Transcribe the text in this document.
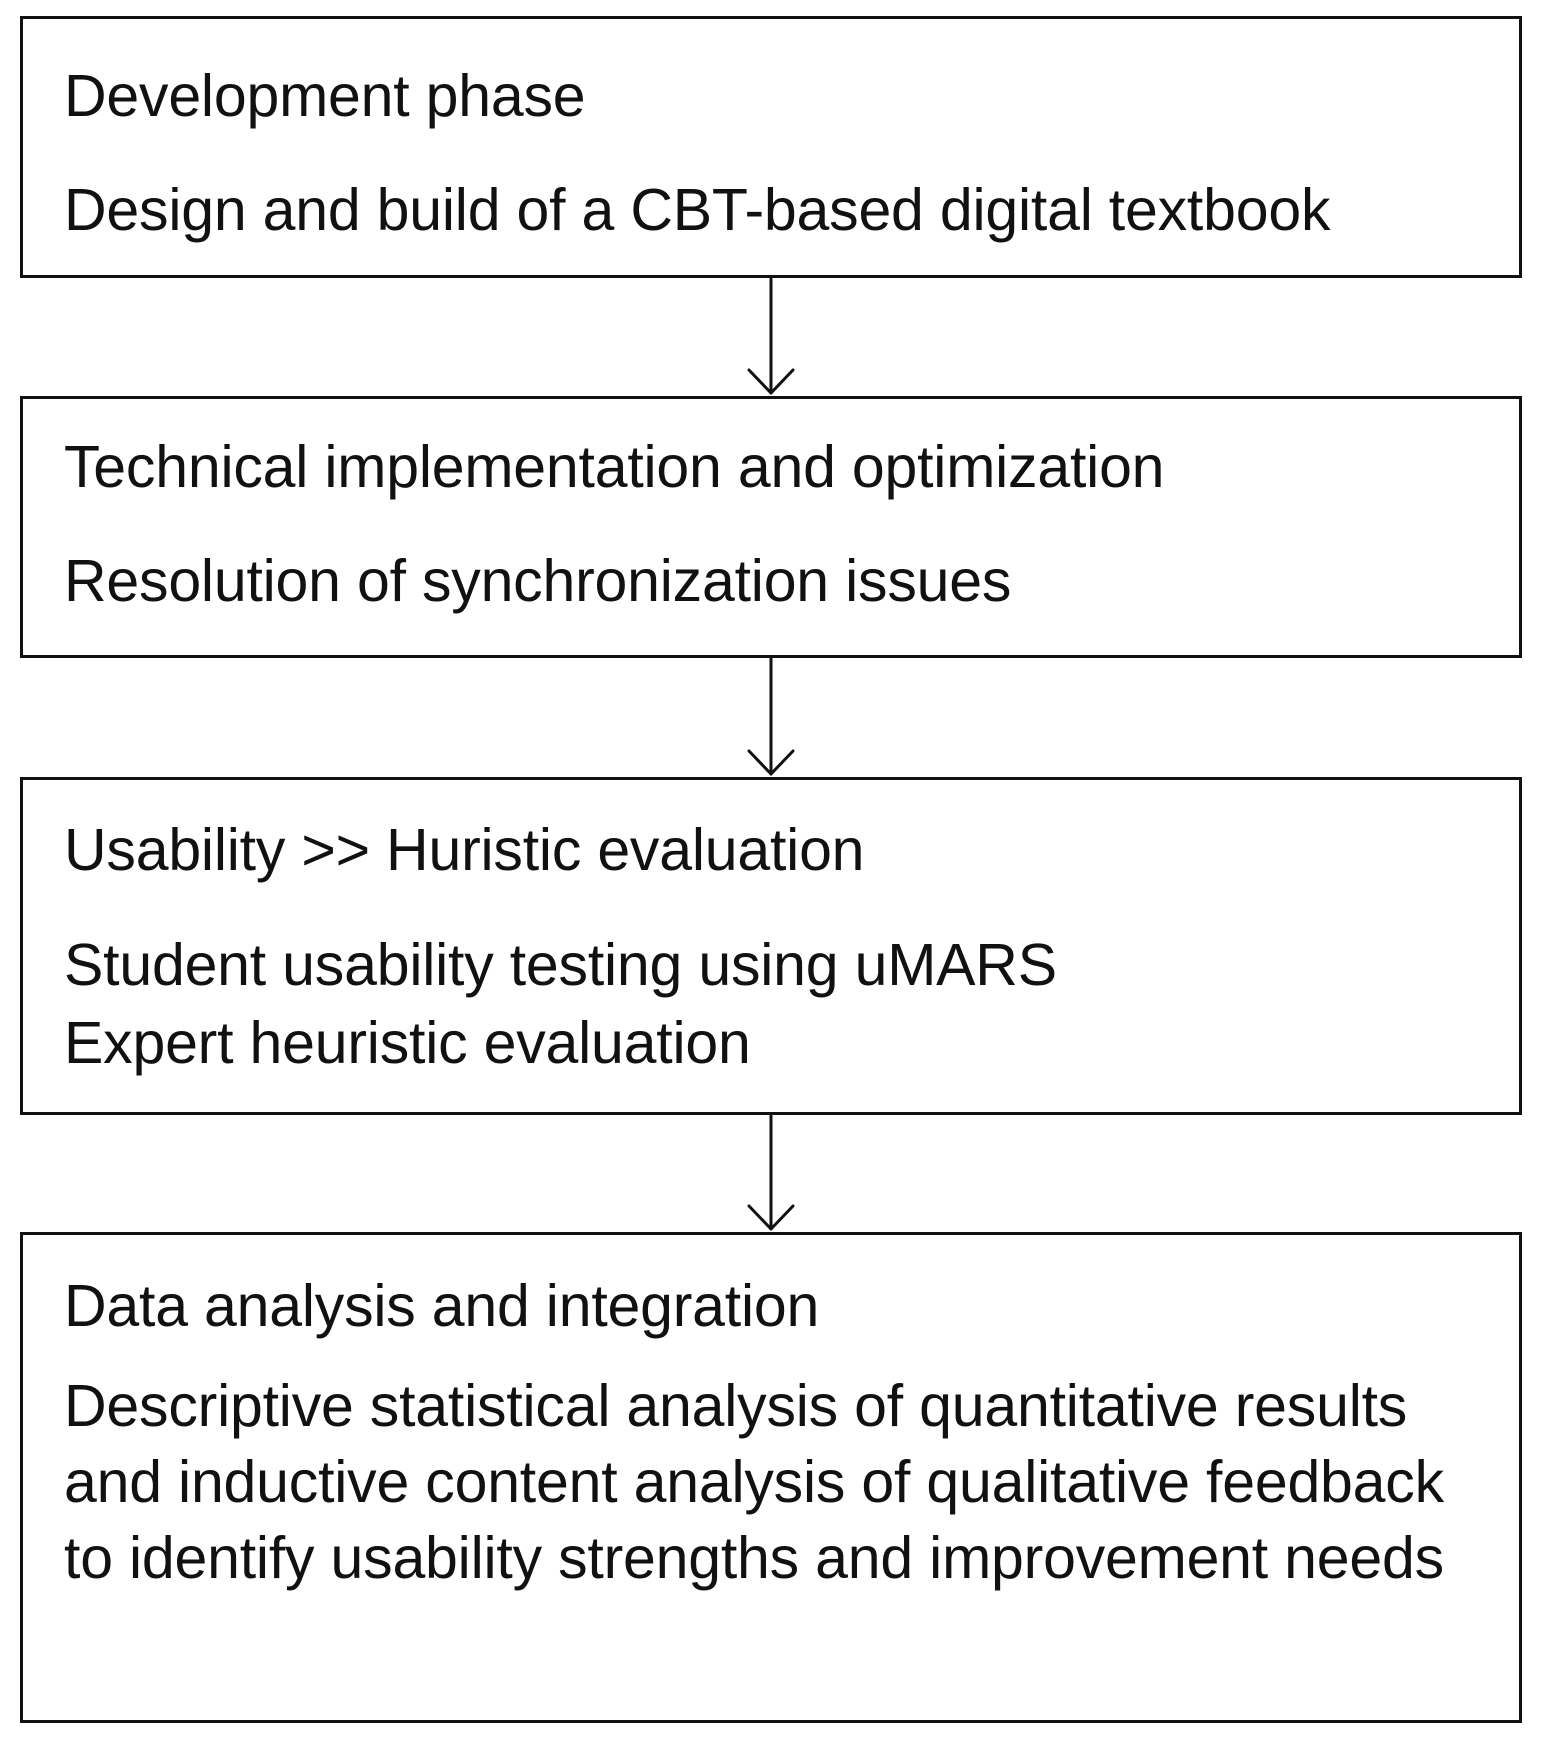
Development phase
Design and build of a CBT-based digital textbook
Technical implementation and optimization
Resolution of synchronization issues
Usability >> Huristic evaluation
Student usability testing using uMARS
Expert heuristic evaluation
Data analysis and integration
Descriptive statistical analysis of quantitative results and inductive content analysis of qualitative feedback to identify usability strengths and improvement needs
